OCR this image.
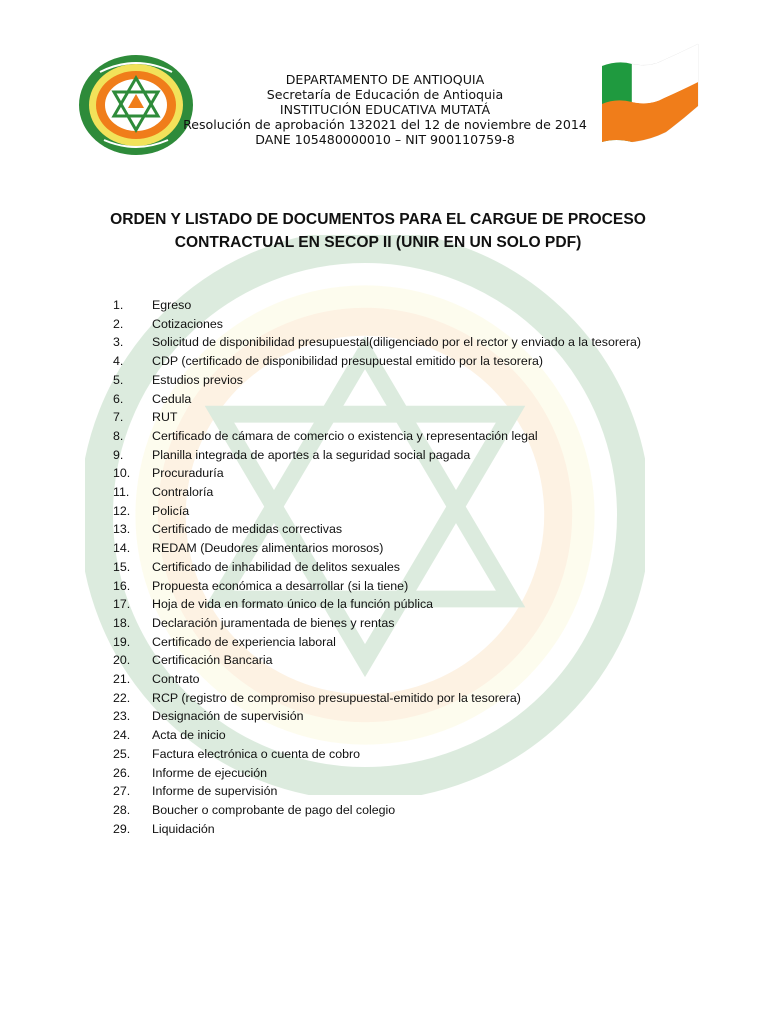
DEPARTAMENTO DE ANTIOQUIA
Secretaría de Educación de Antioquia
INSTITUCIÓN EDUCATIVA MUTATÁ
Resolución de aprobación 132021 del 12 de noviembre de 2014
DANE 105480000010 – NIT 900110759-8
ORDEN Y LISTADO DE DOCUMENTOS PARA EL CARGUE DE PROCESO
CONTRACTUAL EN SECOP II (UNIR EN UN SOLO PDF)
1.	Egreso
2.	Cotizaciones
3.	Solicitud de disponibilidad presupuestal(diligenciado por el rector y enviado a la tesorera)
4.	CDP (certificado de disponibilidad presupuestal emitido por la tesorera)
5.	Estudios previos
6.	Cedula
7.	RUT
8.	Certificado de cámara de comercio o existencia y representación legal
9.	Planilla integrada de aportes a la seguridad social pagada
10.	Procuraduría
11.	Contraloría
12.	Policía
13.	Certificado de medidas correctivas
14.	REDAM (Deudores alimentarios morosos)
15.	Certificado de inhabilidad de delitos sexuales
16.	Propuesta económica a desarrollar (si la tiene)
17.	Hoja de vida en formato único de la función pública
18.	Declaración juramentada de bienes y rentas
19.	Certificado de experiencia laboral
20.	Certificación Bancaria
21.	Contrato
22.	RCP (registro de compromiso presupuestal-emitido por la tesorera)
23.	Designación de supervisión
24.	Acta de inicio
25.	Factura electrónica o cuenta de cobro
26.	Informe de ejecución
27.	Informe de supervisión
28.	Boucher o comprobante de pago del colegio
29.	Liquidación
